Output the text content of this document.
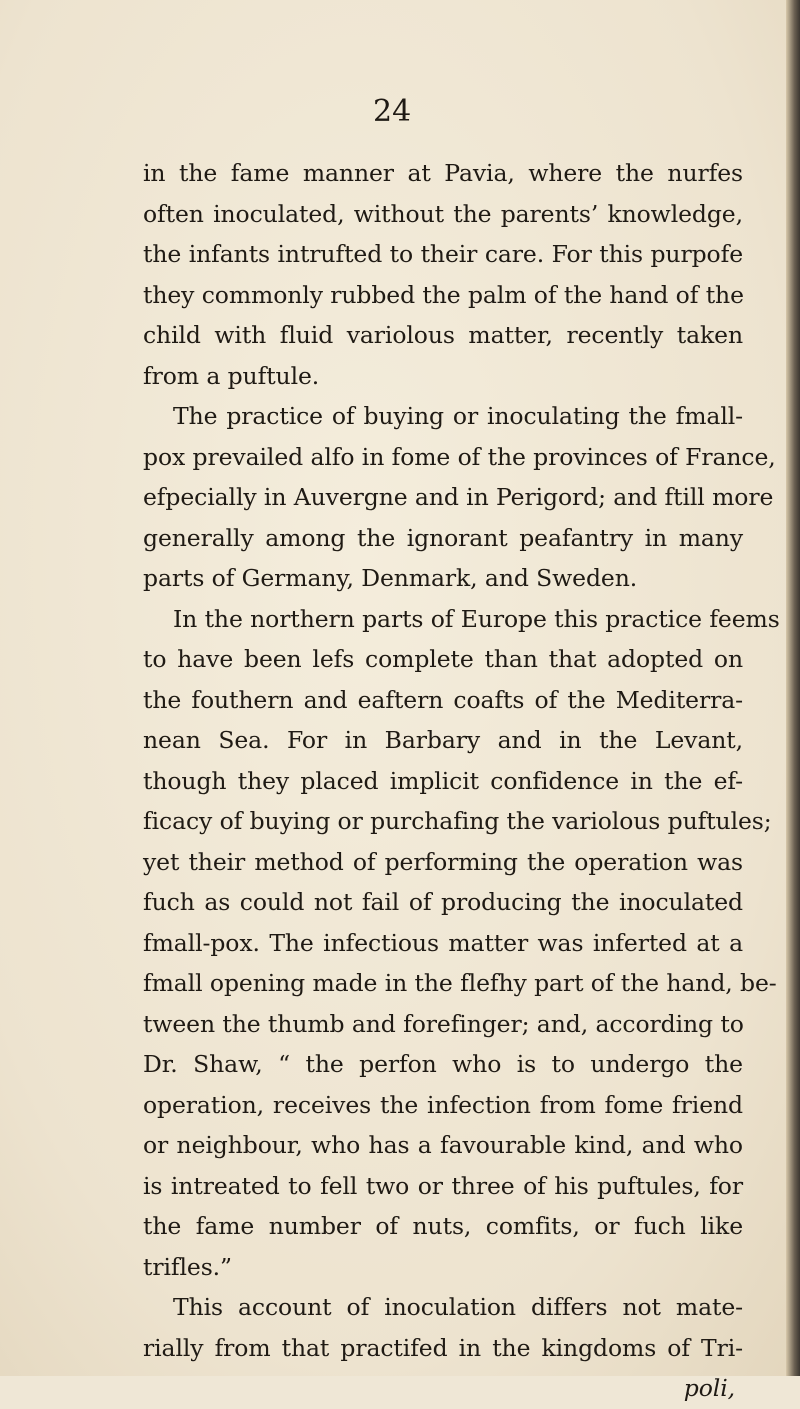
24
in the fame manner at Pavia, where the nurfes
often inoculated, without the parents’ knowledge,
the infants intrufted to their care. For this purpofe
they commonly rubbed the palm of the hand of the
child with fluid variolous matter, recently taken
from a puftule.
The practice of buying or inoculating the fmall-
pox prevailed alfo in fome of the provinces of France,
efpecially in Auvergne and in Perigord; and ftill more
generally among the ignorant peafantry in many
parts of Germany, Denmark, and Sweden.
In the northern parts of Europe this practice feems
to have been lefs complete than that adopted on
the fouthern and eaftern coafts of the Mediterra-
nean Sea. For in Barbary and in the Levant,
though they placed implicit confidence in the ef-
ficacy of buying or purchafing the variolous puftules;
yet their method of performing the operation was
fuch as could not fail of producing the inoculated
fmall-pox. The infectious matter was inferted at a
fmall opening made in the flefhy part of the hand, be-
tween the thumb and forefinger; and, according to
Dr. Shaw, “ the perfon who is to undergo the
operation, receives the infection from fome friend
or neighbour, who has a favourable kind, and who
is intreated to fell two or three of his puftules, for
the fame number of nuts, comfits, or fuch like
trifles.”
This account of inoculation differs not mate-
rially from that practifed in the kingdoms of Tri-
poli,
